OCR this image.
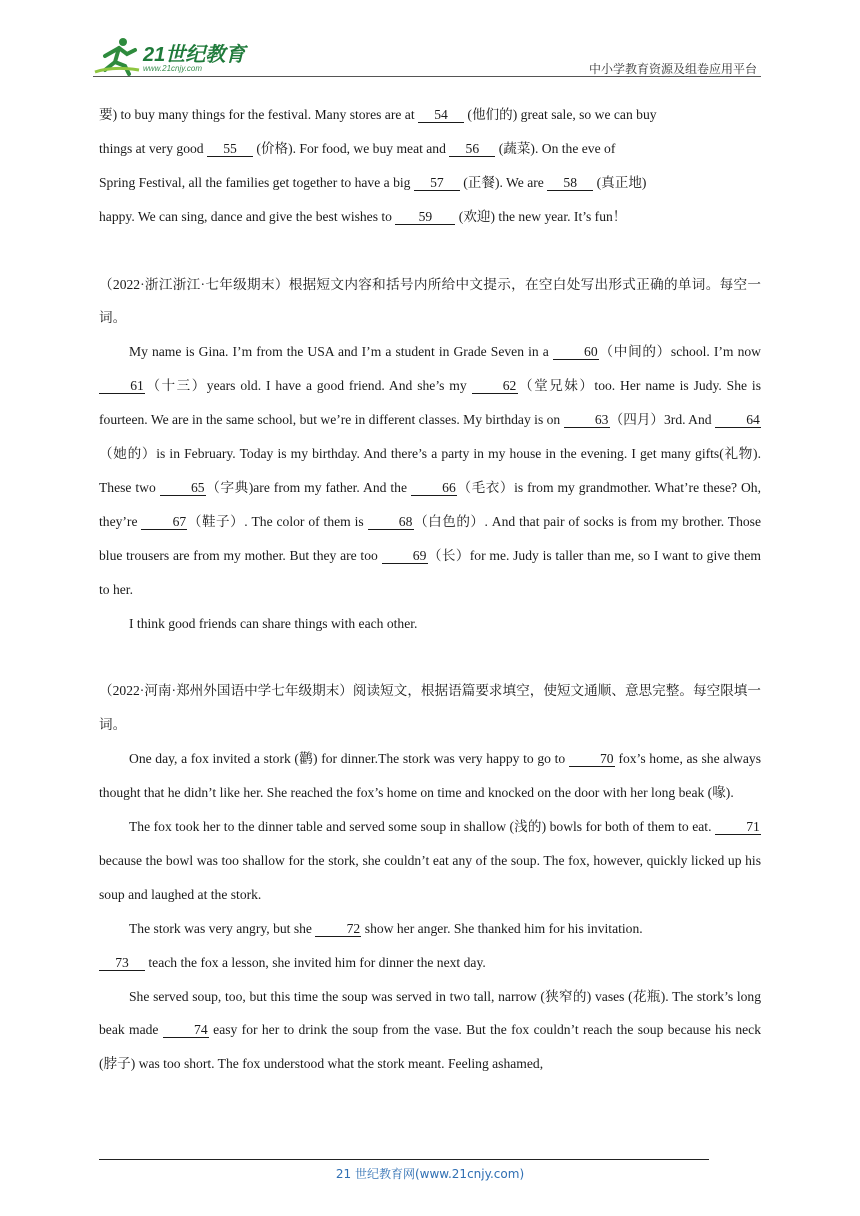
21世纪教育
www.21cnjy.com	中小学教育资源及组卷应用平台

要) to buy many things for the festival. Many stores are at 54 (他们的) great sale, so we can buy
things at very good 55 (价格). For food, we buy meat and 56 (蔬菜). On the eve of
Spring Festival, all the families get together to have a big 57 (正餐). We are 58 (真正地)
happy. We can sing, dance and give the best wishes to 59 (欢迎) the new year. It’s fun！

（2022·浙江浙江·七年级期末）根据短文内容和括号内所给中文提示，在空白处写出形式正确的单词。每空一词。

My name is Gina. I’m from the USA and I’m a student in Grade Seven in a 60（中间的）school. I’m now 61（十三）years old. I have a good friend. And she’s my 62（堂兄妹）too. Her name is Judy. She is fourteen. We are in the same school, but we’re in different classes. My birthday is on 63（四月）3rd. And 64（她的）is in February. Today is my birthday. And there’s a party in my house in the evening. I get many gifts(礼物). These two 65（字典)are from my father. And the 66（毛衣）is from my grandmother. What’re these? Oh, they’re 67（鞋子）. The color of them is 68（白色的）. And that pair of socks is from my brother. Those blue trousers are from my mother. But they are too 69（长）for me. Judy is taller than me, so I want to give them to her.

I think good friends can share things with each other.

（2022·河南·郑州外国语中学七年级期末）阅读短文，根据语篇要求填空，使短文通顺、意思完整。每空限填一词。

One day, a fox invited a stork (鹳) for dinner.The stork was very happy to go to 70 fox’s home, as she always thought that he didn’t like her. She reached the fox’s home on time and knocked on the door with her long beak (喙).

The fox took her to the dinner table and served some soup in shallow (浅的) bowls for both of them to eat. 71 because the bowl was too shallow for the stork, she couldn’t eat any of the soup. The fox, however, quickly licked up his soup and laughed at the stork.

The stork was very angry, but she 72 show her anger. She thanked him for his invitation.

73 teach the fox a lesson, she invited him for dinner the next day.

She served soup, too, but this time the soup was served in two tall, narrow (狭窄的) vases (花瓶). The stork’s long beak made 74 easy for her to drink the soup from the vase. But the fox couldn’t reach the soup because his neck (脖子) was too short. The fox understood what the stork meant. Feeling ashamed,

21 世纪教育网(www.21cnjy.com)
